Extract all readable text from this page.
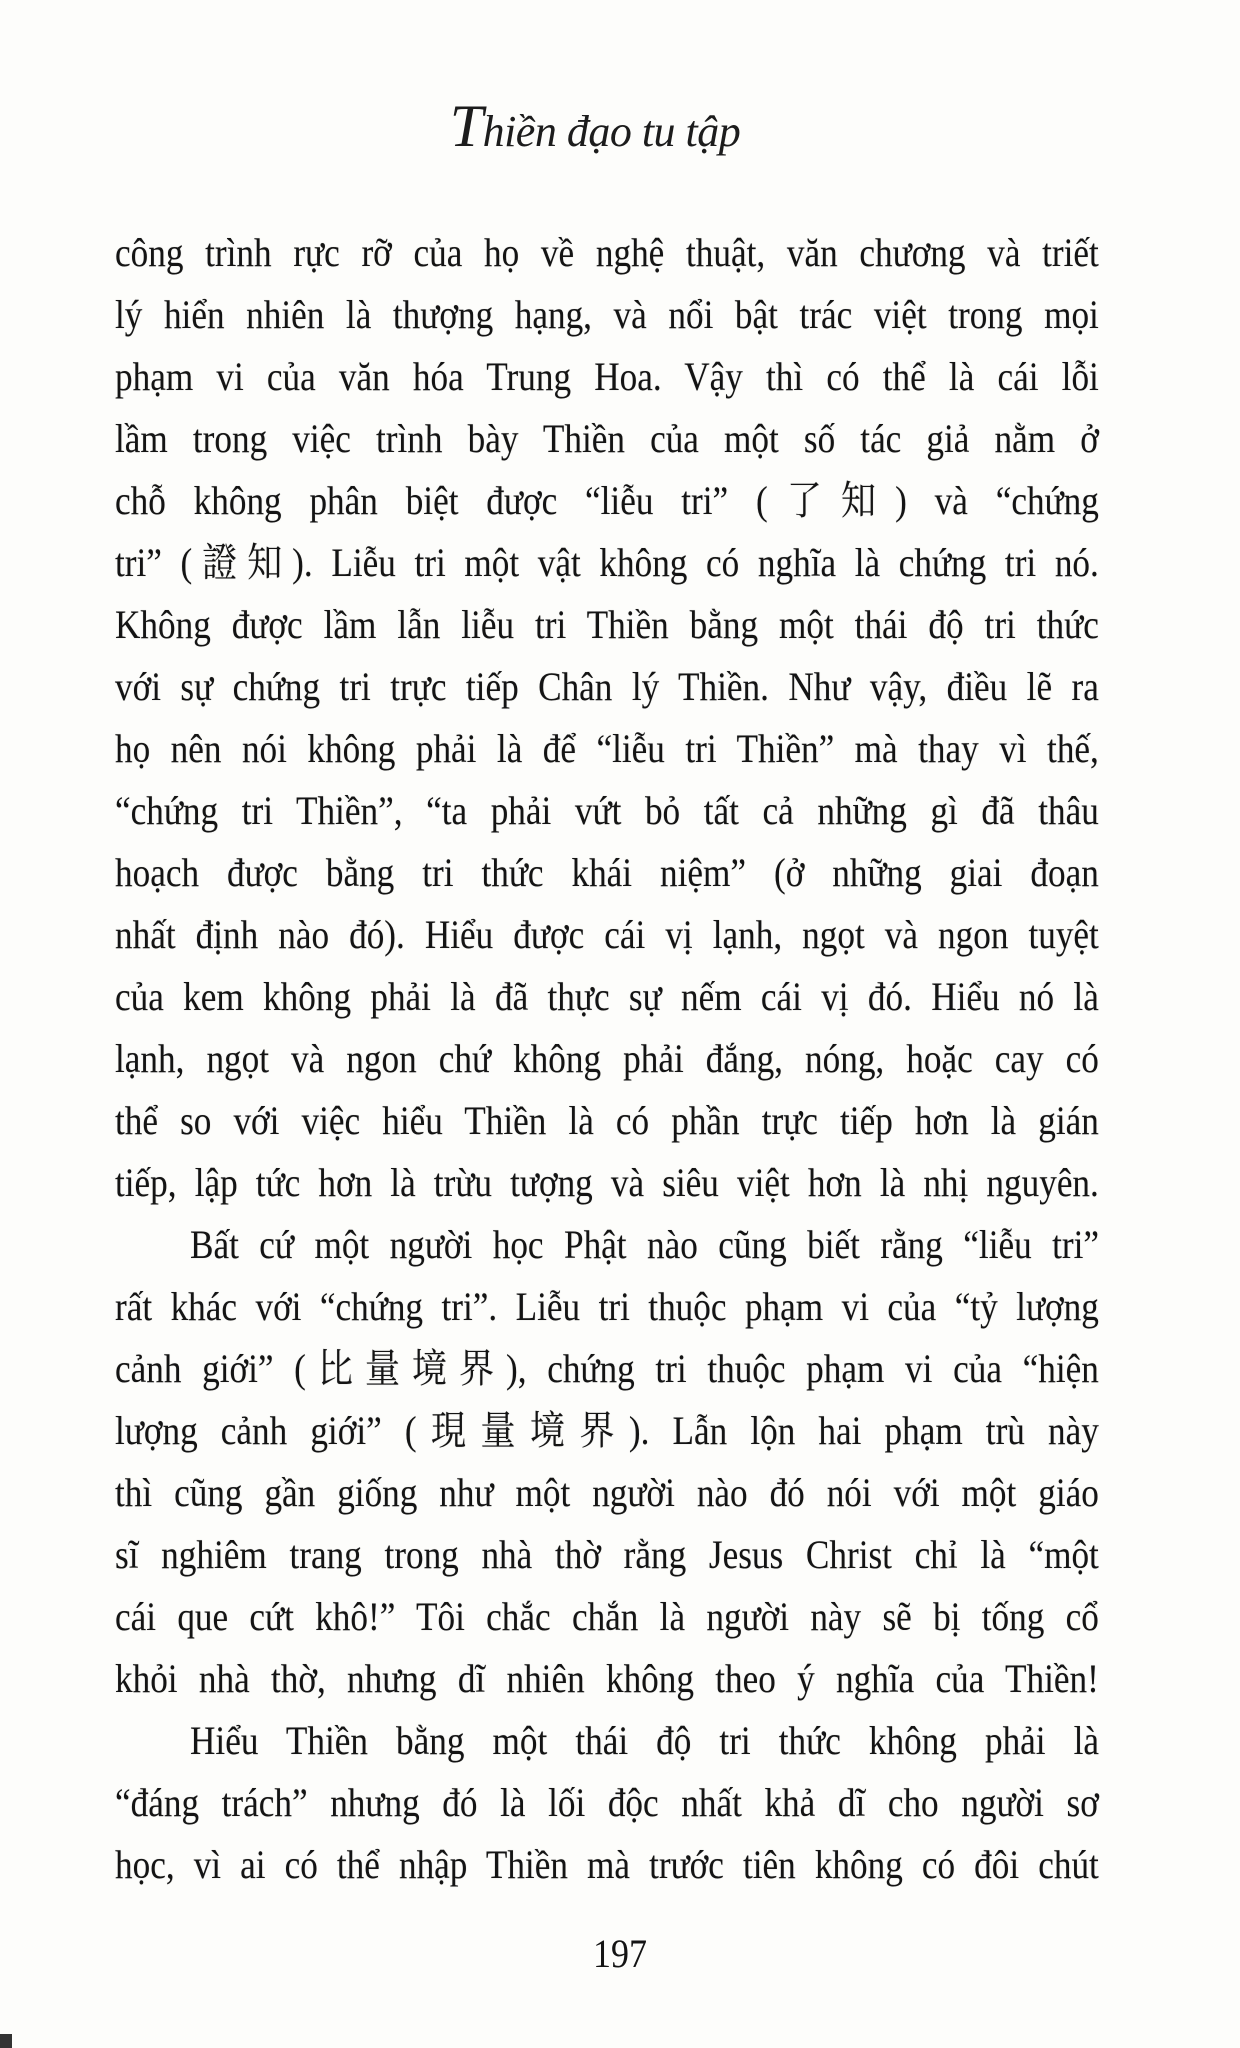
Thiền đạo tu tập
công trình rực rỡ của họ về nghệ thuật, văn chương và triết
lý hiển nhiên là thượng hạng, và nổi bật trác việt trong mọi
phạm vi của văn hóa Trung Hoa. Vậy thì có thể là cái lỗi
lầm trong việc trình bày Thiền của một số tác giả nằm ở
chỗ không phân biệt được “liễu tri” (了知) và “chứng
tri” (證知). Liễu tri một vật không có nghĩa là chứng tri nó.
Không được lầm lẫn liễu tri Thiền bằng một thái độ tri thức
với sự chứng tri trực tiếp Chân lý Thiền. Như vậy, điều lẽ ra
họ nên nói không phải là để “liễu tri Thiền” mà thay vì thế,
“chứng tri Thiền”, “ta phải vứt bỏ tất cả những gì đã thâu
hoạch được bằng tri thức khái niệm” (ở những giai đoạn
nhất định nào đó). Hiểu được cái vị lạnh, ngọt và ngon tuyệt
của kem không phải là đã thực sự nếm cái vị đó. Hiểu nó là
lạnh, ngọt và ngon chứ không phải đắng, nóng, hoặc cay có
thể so với việc hiểu Thiền là có phần trực tiếp hơn là gián
tiếp, lập tức hơn là trừu tượng và siêu việt hơn là nhị nguyên.
Bất cứ một người học Phật nào cũng biết rằng “liễu tri”
rất khác với “chứng tri”. Liễu tri thuộc phạm vi của “tỷ lượng
cảnh giới” (比量境界), chứng tri thuộc phạm vi của “hiện
lượng cảnh giới” (現量境界). Lẫn lộn hai phạm trù này
thì cũng gần giống như một người nào đó nói với một giáo
sĩ nghiêm trang trong nhà thờ rằng Jesus Christ chỉ là “một
cái que cứt khô!” Tôi chắc chắn là người này sẽ bị tống cổ
khỏi nhà thờ, nhưng dĩ nhiên không theo ý nghĩa của Thiền!
Hiểu Thiền bằng một thái độ tri thức không phải là
“đáng trách” nhưng đó là lối độc nhất khả dĩ cho người sơ
học, vì ai có thể nhập Thiền mà trước tiên không có đôi chút
197
